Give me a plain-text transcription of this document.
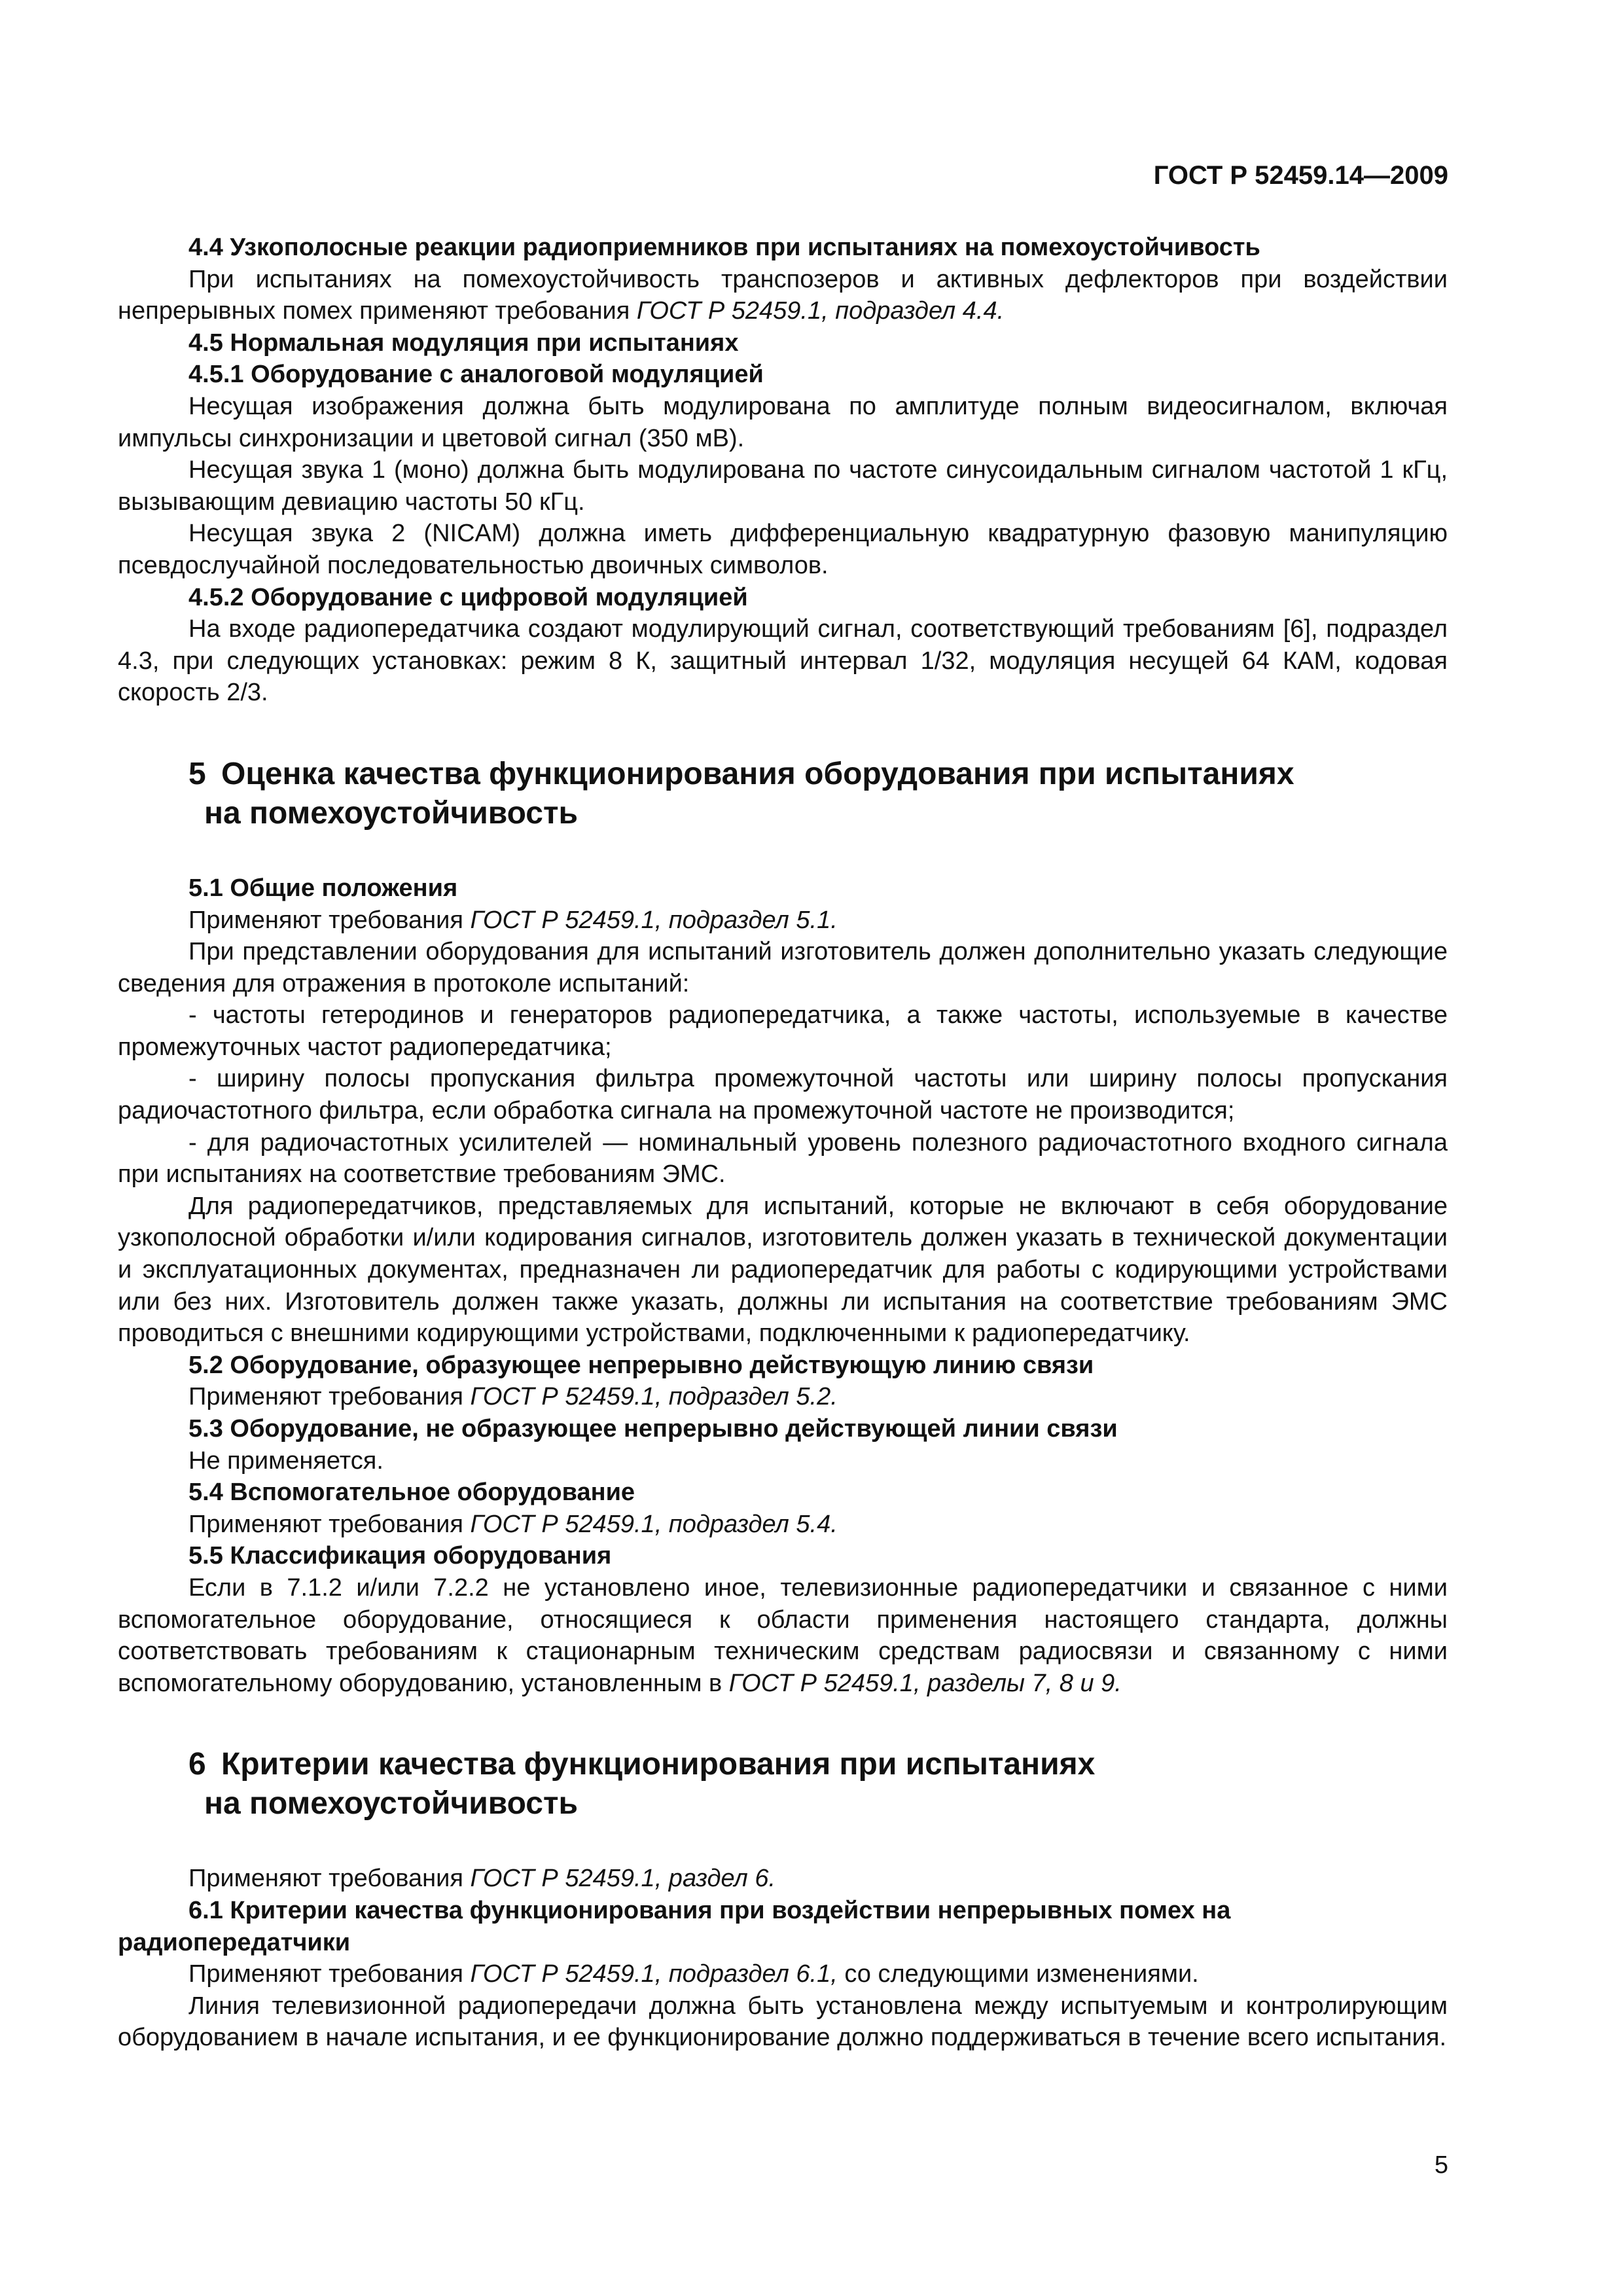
ГОСТ Р 52459.14—2009

4.4 Узкополосные реакции радиоприемников при испытаниях на помехоустойчивость

При испытаниях на помехоустойчивость транспозеров и активных дефлекторов при воздействии непрерывных помех применяют требования ГОСТ Р 52459.1, подраздел 4.4.

4.5 Нормальная модуляция при испытаниях

4.5.1 Оборудование с аналоговой модуляцией

Несущая изображения должна быть модулирована по амплитуде полным видеосигналом, включая импульсы синхронизации и цветовой сигнал (350 мВ).

Несущая звука 1 (моно) должна быть модулирована по частоте синусоидальным сигналом частотой 1 кГц, вызывающим девиацию частоты 50 кГц.

Несущая звука 2 (NICAM) должна иметь дифференциальную квадратурную фазовую манипуляцию псевдослучайной последовательностью двоичных символов.

4.5.2 Оборудование с цифровой модуляцией

На входе радиопередатчика создают модулирующий сигнал, соответствующий требованиям [6], подраздел 4.3, при следующих установках: режим 8 К, защитный интервал 1/32, модуляция несущей 64 КАМ, кодовая скорость 2/3.

5 Оценка качества функционирования оборудования при испытаниях
на помехоустойчивость

5.1 Общие положения

Применяют требования ГОСТ Р 52459.1, подраздел 5.1.

При представлении оборудования для испытаний изготовитель должен дополнительно указать следующие сведения для отражения в протоколе испытаний:

- частоты гетеродинов и генераторов радиопередатчика, а также частоты, используемые в качестве промежуточных частот радиопередатчика;

- ширину полосы пропускания фильтра промежуточной частоты или ширину полосы пропускания радиочастотного фильтра, если обработка сигнала на промежуточной частоте не производится;

- для радиочастотных усилителей — номинальный уровень полезного радиочастотного входного сигнала при испытаниях на соответствие требованиям ЭМС.

Для радиопередатчиков, представляемых для испытаний, которые не включают в себя оборудование узкополосной обработки и/или кодирования сигналов, изготовитель должен указать в технической документации и эксплуатационных документах, предназначен ли радиопередатчик для работы с кодирующими устройствами или без них. Изготовитель должен также указать, должны ли испытания на соответствие требованиям ЭМС проводиться с внешними кодирующими устройствами, подключенными к радиопередатчику.

5.2 Оборудование, образующее непрерывно действующую линию связи

Применяют требования ГОСТ Р 52459.1, подраздел 5.2.

5.3 Оборудование, не образующее непрерывно действующей линии связи

Не применяется.

5.4 Вспомогательное оборудование

Применяют требования ГОСТ Р 52459.1, подраздел 5.4.

5.5 Классификация оборудования

Если в 7.1.2 и/или 7.2.2 не установлено иное, телевизионные радиопередатчики и связанное с ними вспомогательное оборудование, относящиеся к области применения настоящего стандарта, должны соответствовать требованиям к стационарным техническим средствам радиосвязи и связанному с ними вспомогательному оборудованию, установленным в ГОСТ Р 52459.1, разделы 7, 8 и 9.

6 Критерии качества функционирования при испытаниях
на помехоустойчивость

Применяют требования ГОСТ Р 52459.1, раздел 6.

6.1 Критерии качества функционирования при воздействии непрерывных помех на радиопередатчики

Применяют требования ГОСТ Р 52459.1, подраздел 6.1, со следующими изменениями.

Линия телевизионной радиопередачи должна быть установлена между испытуемым и контролирующим оборудованием в начале испытания, и ее функционирование должно поддерживаться в течение всего испытания.

5
